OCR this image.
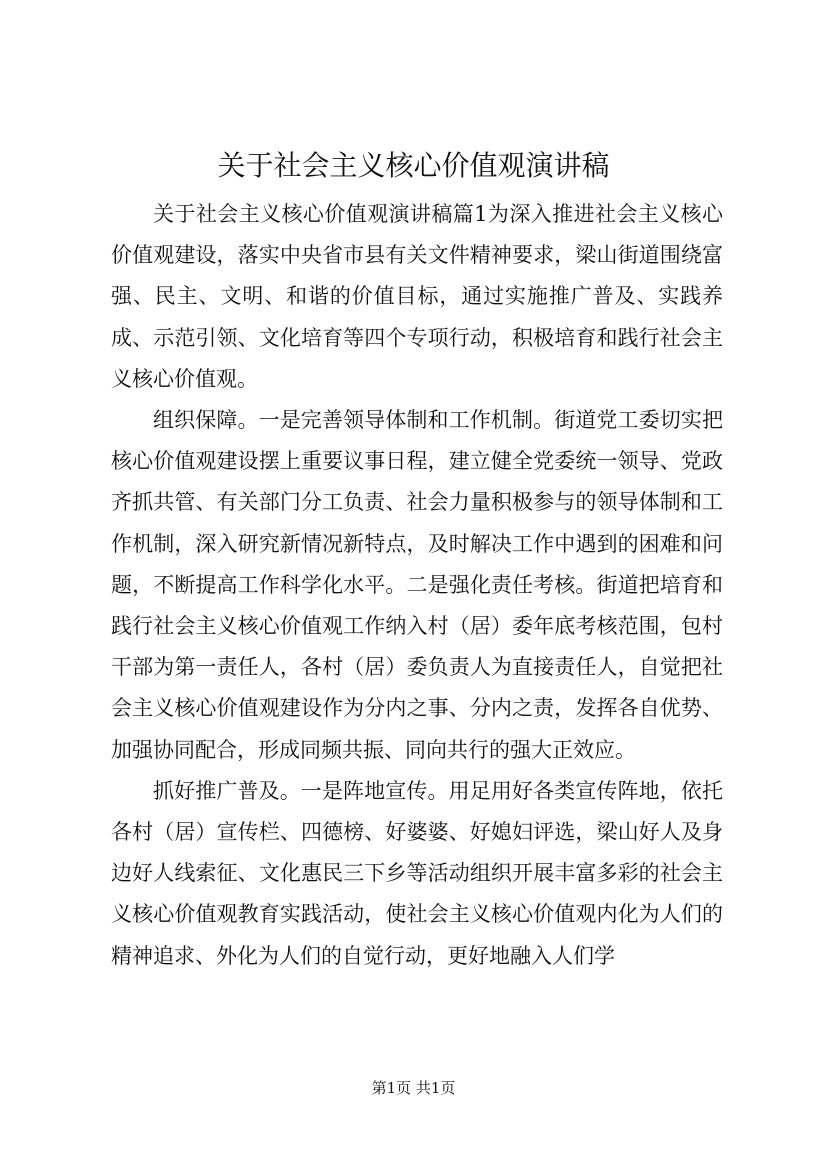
关于社会主义核心价值观演讲稿

关于社会主义核心价值观演讲稿篇1为深入推进社会主义核心价值观建设，落实中央省市县有关文件精神要求，梁山街道围绕富强、民主、文明、和谐的价值目标，通过实施推广普及、实践养成、示范引领、文化培育等四个专项行动，积极培育和践行社会主义核心价值观。

组织保障。一是完善领导体制和工作机制。街道党工委切实把核心价值观建设摆上重要议事日程，建立健全党委统一领导、党政齐抓共管、有关部门分工负责、社会力量积极参与的领导体制和工作机制，深入研究新情况新特点，及时解决工作中遇到的困难和问题，不断提高工作科学化水平。二是强化责任考核。街道把培育和践行社会主义核心价值观工作纳入村（居）委年底考核范围，包村干部为第一责任人，各村（居）委负责人为直接责任人，自觉把社会主义核心价值观建设作为分内之事、分内之责，发挥各自优势、加强协同配合，形成同频共振、同向共行的强大正效应。

抓好推广普及。一是阵地宣传。用足用好各类宣传阵地，依托各村（居）宣传栏、四德榜、好婆婆、好媳妇评选，梁山好人及身边好人线索征、文化惠民三下乡等活动组织开展丰富多彩的社会主义核心价值观教育实践活动，使社会主义核心价值观内化为人们的精神追求、外化为人们的自觉行动，更好地融入人们学

第1页 共1页
